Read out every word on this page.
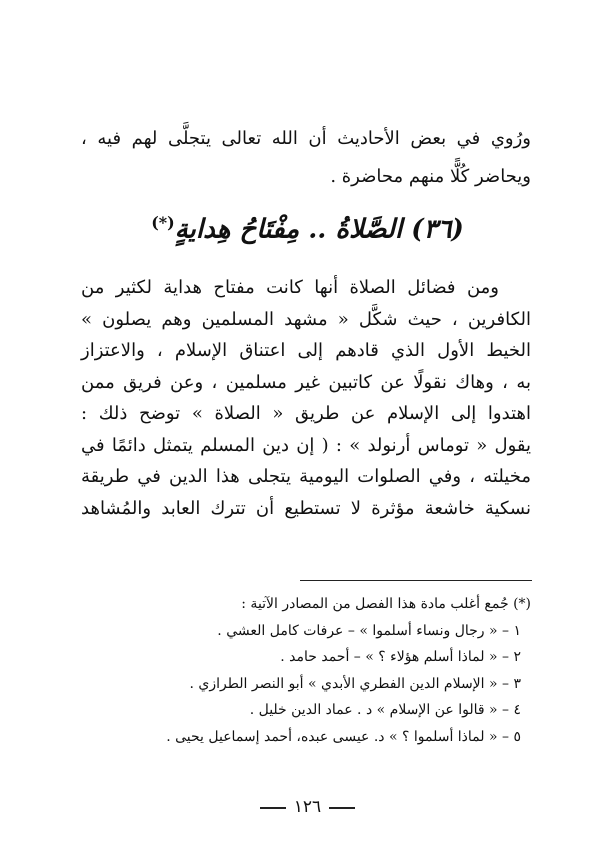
ورُوي في بعض الأحاديث أن الله تعالى يتجلَّى لهم فيه ،
ويحاضر كُلًّا منهم محاضرة .
(٣٦) الصَّلاةُ .. مِفْتَاحُ هِدايةٍ(*)
ومن فضائل الصلاة أنها كانت مفتاح هداية لكثير من
الكافرين ، حيث شكَّل « مشهد المسلمين وهم يصلون »
الخيط الأول الذي قادهم إلى اعتناق الإسلام ، والاعتزاز
به ، وهاك نقولًا عن كاتبين غير مسلمين ، وعن فريق ممن
اهتدوا إلى الإسلام عن طريق « الصلاة » توضح ذلك :
يقول « توماس أرنولد » : ( إن دين المسلم يتمثل دائمًا في
مخيلته ، وفي الصلوات اليومية يتجلى هذا الدين في طريقة
نسكية خاشعة مؤثرة لا تستطيع أن تترك العابد والمُشاهد
(*) جُمع أغلب مادة هذا الفصل من المصادر الآتية :
١ – « رجال ونساء أسلموا » – عرفات كامل العشي .
٢ – « لماذا أسلم هؤلاء ؟ » – أحمد حامد .
٣ – « الإسلام الدين الفطري الأبدي » أبو النصر الطرازي .
٤ – « قالوا عن الإسلام » د . عماد الدين خليل .
٥ – « لماذا أسلموا ؟ » د. عيسى عبده، أحمد إسماعيل يحيى .
١٢٦
